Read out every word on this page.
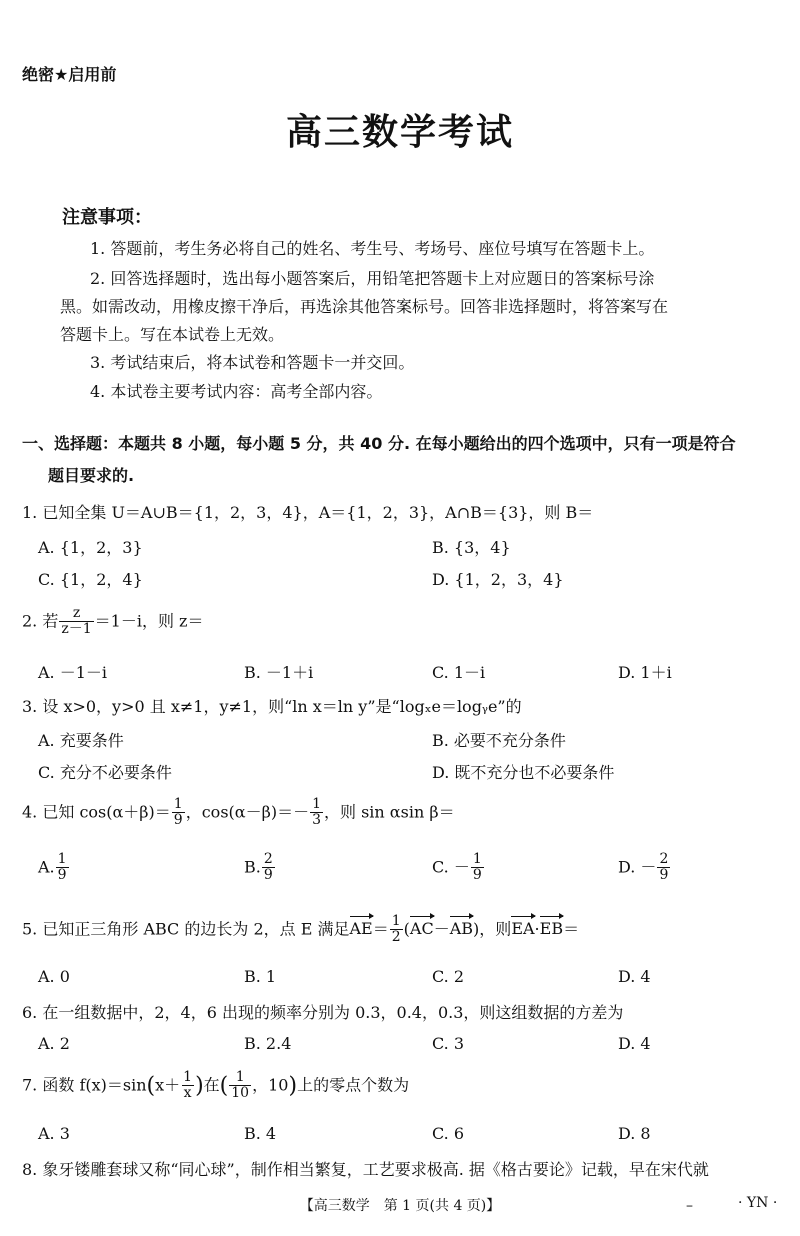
绝密★启用前
高三数学考试
注意事项：
1. 答题前，考生务必将自己的姓名、考生号、考场号、座位号填写在答题卡上。
2. 回答选择题时，选出每小题答案后，用铅笔把答题卡上对应题日的答案标号涂
黑。如需改动，用橡皮擦干净后，再选涂其他答案标号。回答非选择题时，将答案写在
答题卡上。写在本试卷上无效。
3. 考试结束后，将本试卷和答题卡一并交回。
4. 本试卷主要考试内容：高考全部内容。
一、选择题：本题共 8 小题，每小题 5 分，共 40 分. 在每小题给出的四个选项中，只有一项是符合
题目要求的.
1. 已知全集 U＝A∪B＝{1，2，3，4}，A＝{1，2，3}，A∩B＝{3}，则 B＝
A. {1，2，3}	B. {3，4}
C. {1，2，4}	D. {1，2，3，4}
2. 若 $\frac{z}{z-1} =1-i$，则 z＝
A. －1－i	B. －1＋i	C. 1－i	D. 1＋i
3. 设 x>0，y>0 且 x≠1，y≠1，则“ln x＝ln y”是“logₓe＝logᵧe”的
A. 充要条件	B. 必要不充分条件
C. 充分不必要条件	D. 既不充分也不必要条件
4. 已知 $\cos(\alpha+\beta)= \frac{1}{9}$ ，$\cos(\alpha-\beta)=- \frac{1}{3}$ ，则 sin αsin β＝
A. $\frac{1}{9}$	B. $\frac{2}{9}$	C. － $\frac{1}{9}$	D. － $\frac{2}{9}$
5. 已知正三角形 ABC 的边长为 2，点 E 满足$AE= \frac{1}{2} (AC-AB)$，则EA·EB＝
A. 0	B. 1	C. 2	D. 4
6. 在一组数据中，2，4，6 出现的频率分别为 0.3，0.4，0.3，则这组数据的方差为
A. 2	B. 2.4	C. 3	D. 4
7. 函数 $f(x)=\sin(x+ \frac{1}{x}$ )在( $\frac{1}{10}$ ，10)上的零点个数为
A. 3	B. 4	C. 6	D. 8
8. 象牙镂雕套球又称“同心球”，制作相当繁复，工艺要求极高. 据《格古要论》记载，早在宋代就
【高三数学　第 1 页(共 4 页)】	–	· YN ·
